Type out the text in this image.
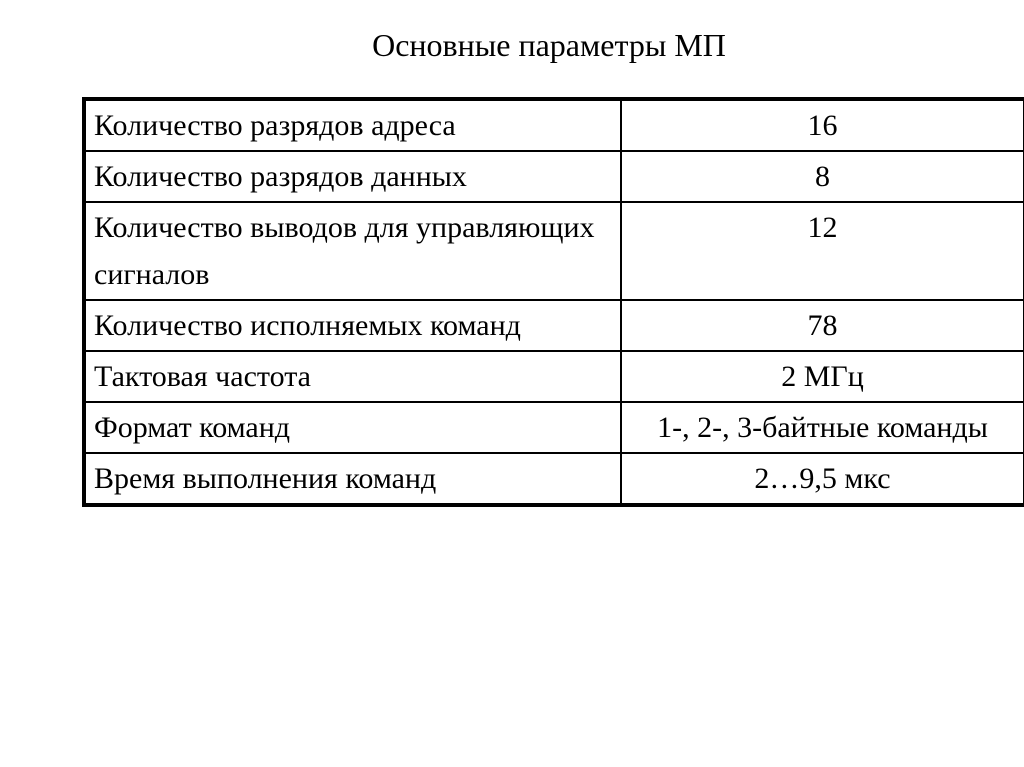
Основные параметры МП
Количество разрядов адреса	16
Количество разрядов данных	8
Количество выводов для управляющих сигналов	12
Количество исполняемых команд	78
Тактовая частота	2 МГц
Формат команд	1-, 2-, 3-байтные команды
Время выполнения команд	2…9,5 мкс
